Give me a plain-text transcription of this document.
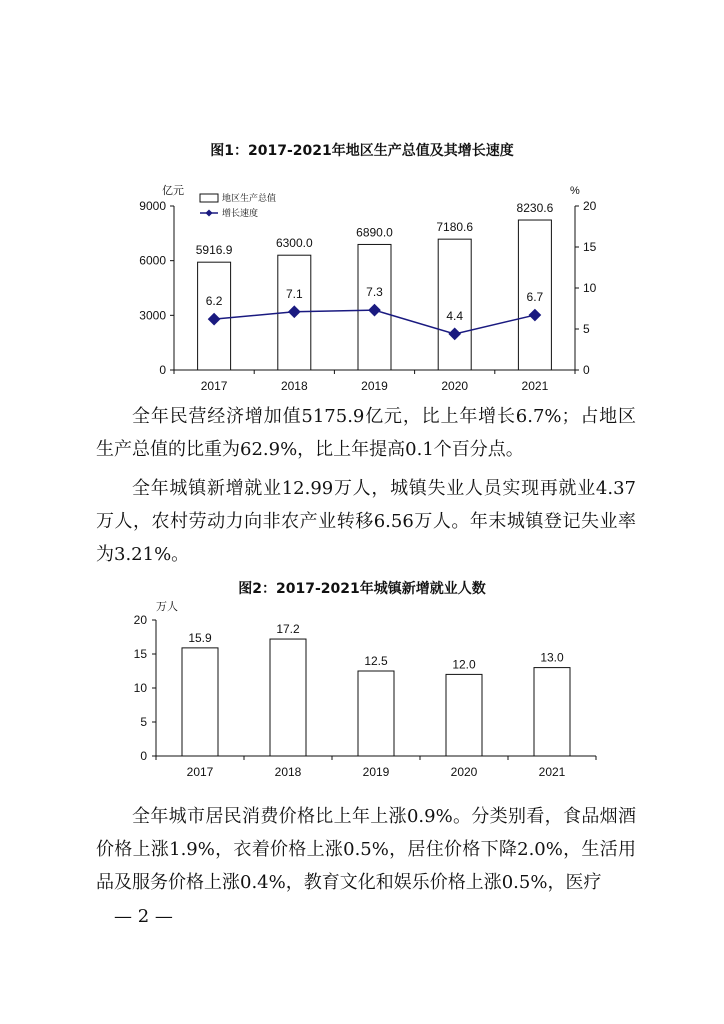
图1：2017-2021年地区生产总值及其增长速度
0
3000
6000
9000
0
5
10
15
20
2017	2018	2019	2020	2021
5916.9	6300.0
6890.0	7180.6
8230.6
6.2
7.1	7.3
4.4
6.7
地区生产总值
增长速度
亿元	%

全年民营经济增加值5175.9亿元，比上年增长6.7%；占地区生产总值的比重为62.9%，比上年提高0.1个百分点。

全年城镇新增就业12.99万人，城镇失业人员实现再就业4.37万人，农村劳动力向非农产业转移6.56万人。年末城镇登记失业率为3.21%。

图2：2017-2021年城镇新增就业人数
0
5
10
15
20
2017	2018	2019	2020	2021
15.9
17.2
12.5	12.0	13.0
万人

全年城市居民消费价格比上年上涨0.9%。分类别看，食品烟酒价格上涨1.9%，衣着价格上涨0.5%，居住价格下降2.0%，生活用品及服务价格上涨0.4%，教育文化和娱乐价格上涨0.5%，医疗

— 2 —
